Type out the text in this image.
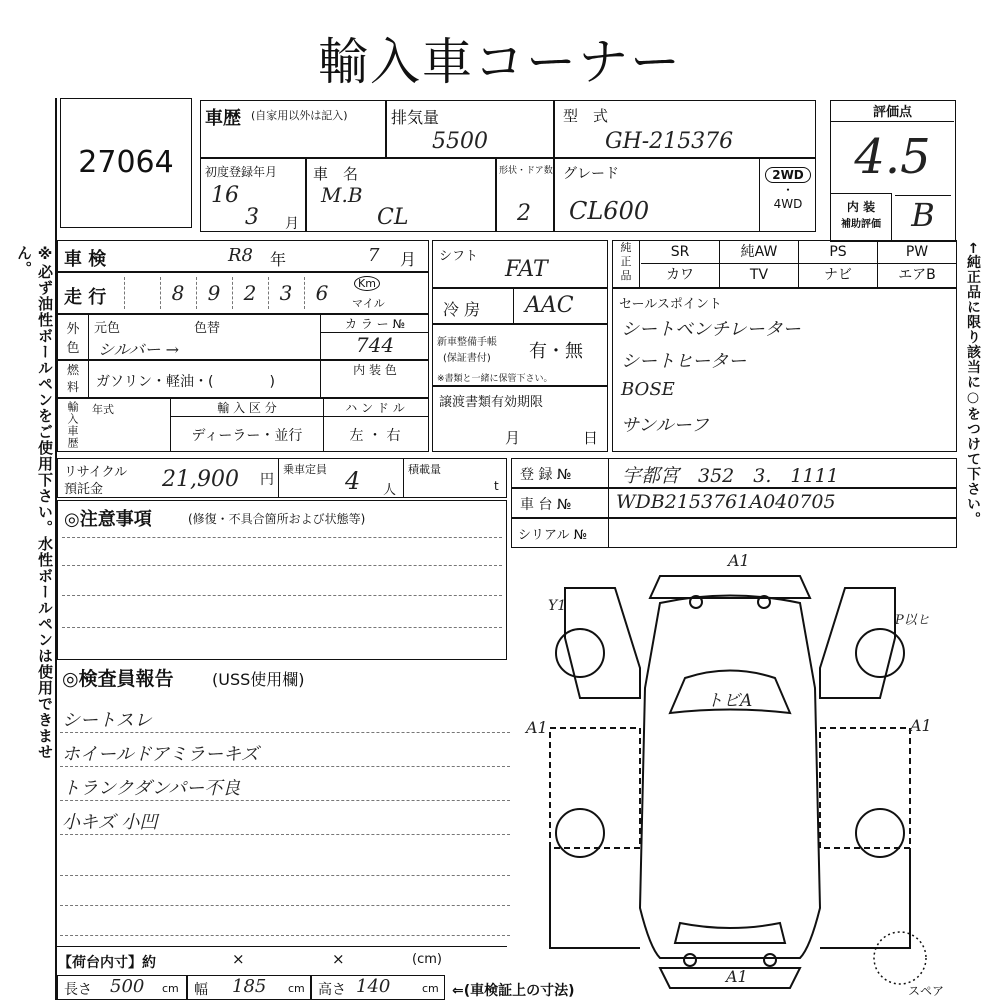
輸入車コーナー
※必ず油性ボールペンをご使用下さい。水性ボールペンは使用できません。
27064
車歴 (自家用以外は記入)	排気量
5500
型　式
GH-215376
評価点
4.5
内 装
補助評価 B
初度登録年月
16
3 月
車　名
M.B
CL
形状・ドア数
2
グレード
CL600
2WD
・
4WD
車 検	R8 年	7 月
走 行
Km
マイル
8	9	2	3	6
外
色
元色	色替
シルバー →
カ ラ ー №
744
燃
料	ガソリン・軽油・(　　　　)
内 装 色
輸入車歴 年式	輸 入 区 分
ディーラー・並行
ハ ン ド ル
左 ・ 右
シフト
FAT
冷 房 AAC
新車整備手帳
(保証書付) 有・無
※書類と一緒に保管下さい。
譲渡書類有効期限
月	日
純
正
品
SR	純AW	PS	PW
カワ	TV	ナビ	エアB	←純正品に限り該当に○をつけて下さい。
セールスポイント
シートベンチレーター
シートヒーター
BOSE
サンルーフ
リサイクル
預託金	21,900 円
乗車定員 4 人
積載量
t
登 録 №	宇都宮　352　3.　1111
車 台 № WDB2153761A040705
シリアル №
◎注意事項	(修復・不具合箇所および状態等)
◎検査員報告 (USS使用欄)
A1
Y1
P以ヒ
A1	A1
トビA
A1
スペア
【荷台内寸】約	×	×	(cm)
長さ 500 cm 幅 185 cm 高さ 140	cm ⇐(車検証上の寸法)
シートスレ
ホイールドアミラーキズ
トランクダンパー不良
小キズ 小凹
